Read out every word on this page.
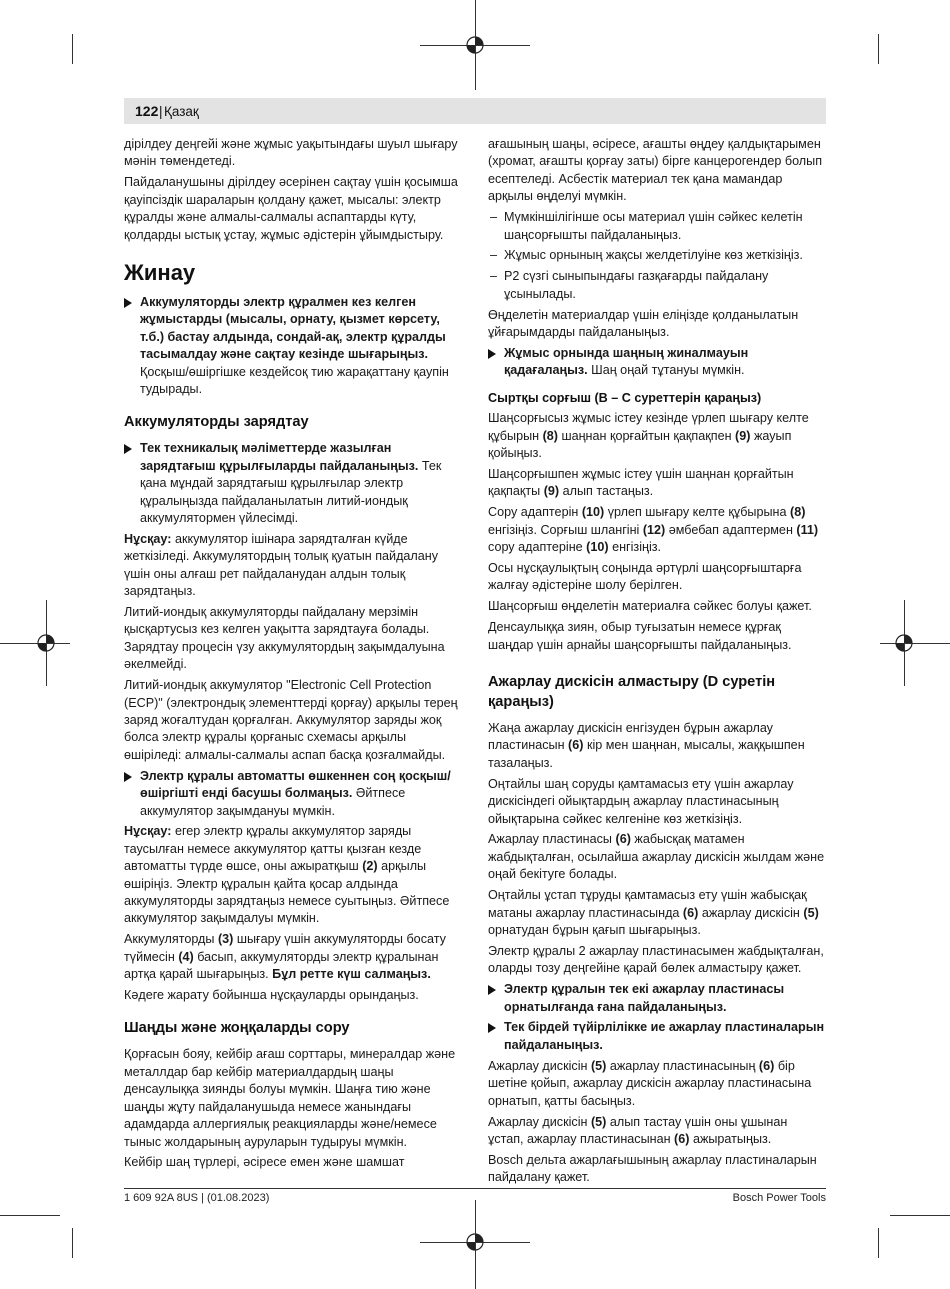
122 | Қазақ

дірілдеу деңгейі және жұмыс уақытындағы шуыл шығару мәнін төмендетеді.

Пайдаланушыны дірілдеу әсерінен сақтау үшін қосымша қауіпсіздік шараларын қолдану қажет, мысалы: электр құралды және алмалы-салмалы аспаптарды күту, қолдарды ыстық ұстау, жұмыс әдістерін ұйымдыстыру.

Жинау
Аккумуляторды электр құралмен кез келген жұмыстарды (мысалы, орнату, қызмет көрсету, т.б.) бастау алдында, сондай-ақ, электр құралды тасымалдау және сақтау кезінде шығарыңыз. Қосқыш/өшіргішке кездейсоқ тию жарақаттану қаупін тудырады.
Аккумуляторды зарядтау
Тек техникалық мәліметтерде жазылған зарядтағыш құрылғыларды пайдаланыңыз. Тек қана мұндай зарядтағыш құрылғылар электр құралыңызда пайдаланылатын литий-иондық аккумулятормен үйлесімді.

Нұсқау: аккумулятор ішінара зарядталған күйде жеткізіледі. Аккумулятордың толық қуатын пайдалану үшін оны алғаш рет пайдаланудан алдын толық зарядтаңыз.

Литий-иондық аккумуляторды пайдалану мерзімін қысқартусыз кез келген уақытта зарядтауға болады. Зарядтау процесін үзу аккумулятордың зақымдалуына әкелмейді.

Литий-иондық аккумулятор "Electronic Cell Protection (ECP)" (электрондық элементтерді қорғау) арқылы терең заряд жоғалтудан қорғалған. Аккумулятор заряды жоқ болса электр құралы қорғаныс схемасы арқылы өшіріледі: алмалы-салмалы аспап басқа қозғалмайды.

Электр құралы автоматты өшкеннен соң қосқыш/өшіргішті енді басушы болмаңыз. Әйтпесе аккумулятор зақымдануы мүмкін.

Нұсқау: егер электр құралы аккумулятор заряды таусылған немесе аккумулятор қатты қызған кезде автоматты түрде өшсе, оны ажыратқыш (2) арқылы өшіріңіз. Электр құралын қайта қосар алдында аккумуляторды зарядтаңыз немесе суытыңыз. Әйтпесе аккумулятор зақымдалуы мүмкін.

Аккумуляторды (3) шығару үшін аккумуляторды босату түймесін (4) басып, аккумуляторды электр құралынан артқа қарай шығарыңыз. Бұл ретте күш салмаңыз.

Кәдеге жарату бойынша нұсқауларды орындаңыз.

Шаңды және жоңқаларды сору

Қорғасын бояу, кейбір ағаш сорттары, минералдар және металлдар бар кейбір материалдардың шаңы денсаулыққа зиянды болуы мүмкін. Шаңға тию және шаңды жұту пайдаланушыда немесе жанындағы адамдарда аллергиялық реакцияларды және/немесе тыныс жолдарының ауруларын тудыруы мүмкін.

Кейбір шаң түрлері, әсіресе емен және шамшат

ағашының шаңы, әсіресе, ағашты өңдеу қалдықтарымен (хромат, ағашты қорғау заты) бірге канцерогендер болып есептеледі. Асбестік материал тек қана мамандар арқылы өңделуі мүмкін.

– Мүмкіншілігінше осы материал үшін сәйкес келетін шаңсорғышты пайдаланыңыз.
– Жұмыс орнының жақсы желдетілуіне көз жеткізіңіз.
– P2 сүзгі сыныпындағы газқағарды пайдалану ұсынылады.

Өңделетін материалдар үшін еліңізде қолданылатын ұйғарымдарды пайдаланыңыз.

Жұмыс орнында шаңның жиналмауын қадағалаңыз. Шаң оңай тұтануы мүмкін.
Сыртқы сорғыш (B – C суреттерін қараңыз)

Шаңсорғысыз жұмыс істеу кезінде үрлеп шығару келте құбырын (8) шаңнан қорғайтын қақпақпен (9) жауып қойыңыз.

Шаңсорғышпен жұмыс істеу үшін шаңнан қорғайтын қақпақты (9) алып тастаңыз.

Сору адаптерін (10) үрлеп шығару келте құбырына (8) енгізіңіз. Сорғыш шлангіні (12) әмбебап адаптермен (11) сору адаптеріне (10) енгізіңіз.

Осы нұсқаулықтың соңында әртүрлі шаңсорғыштарға жалғау әдістеріне шолу берілген.

Шаңсорғыш өңделетін материалға сәйкес болуы қажет.

Денсаулыққа зиян, обыр туғызатын немесе құрғақ шаңдар үшін арнайы шаңсорғышты пайдаланыңыз.

Ажарлау дискісін алмастыру (D суретін қараңыз)

Жаңа ажарлау дискісін енгізуден бұрын ажарлау пластинасын (6) кір мен шаңнан, мысалы, жаққышпен тазалаңыз.

Оңтайлы шаң соруды қамтамасыз ету үшін ажарлау дискісіндегі ойықтардың ажарлау пластинасының ойықтарына сәйкес келгеніне көз жеткізіңіз.

Ажарлау пластинасы (6) жабысқақ матамен жабдықталған, осылайша ажарлау дискісін жылдам және оңай бекітуге болады.

Оңтайлы ұстап тұруды қамтамасыз ету үшін жабысқақ матаны ажарлау пластинасында (6) ажарлау дискісін (5) орнатудан бұрын қағып шығарыңыз.

Электр құралы 2 ажарлау пластинасымен жабдықталған, оларды тозу деңгейіне қарай бөлек алмастыру қажет.

Электр құралын тек екі ажарлау пластинасы орнатылғанда ғана пайдаланыңыз.
Тек бірдей түйірлілікке ие ажарлау пластиналарын пайдаланыңыз.

Ажарлау дискісін (5) ажарлау пластинасының (6) бір шетіне қойып, ажарлау дискісін ажарлау пластинасына орнатып, қатты басыңыз.

Ажарлау дискісін (5) алып тастау үшін оны ұшынан ұстап, ажарлау пластинасынан (6) ажыратыңыз.

Bosch дельта ажарлағышының ажарлау пластиналарын пайдалану қажет.

1 609 92A 8US | (01.08.2023)	Bosch Power Tools
